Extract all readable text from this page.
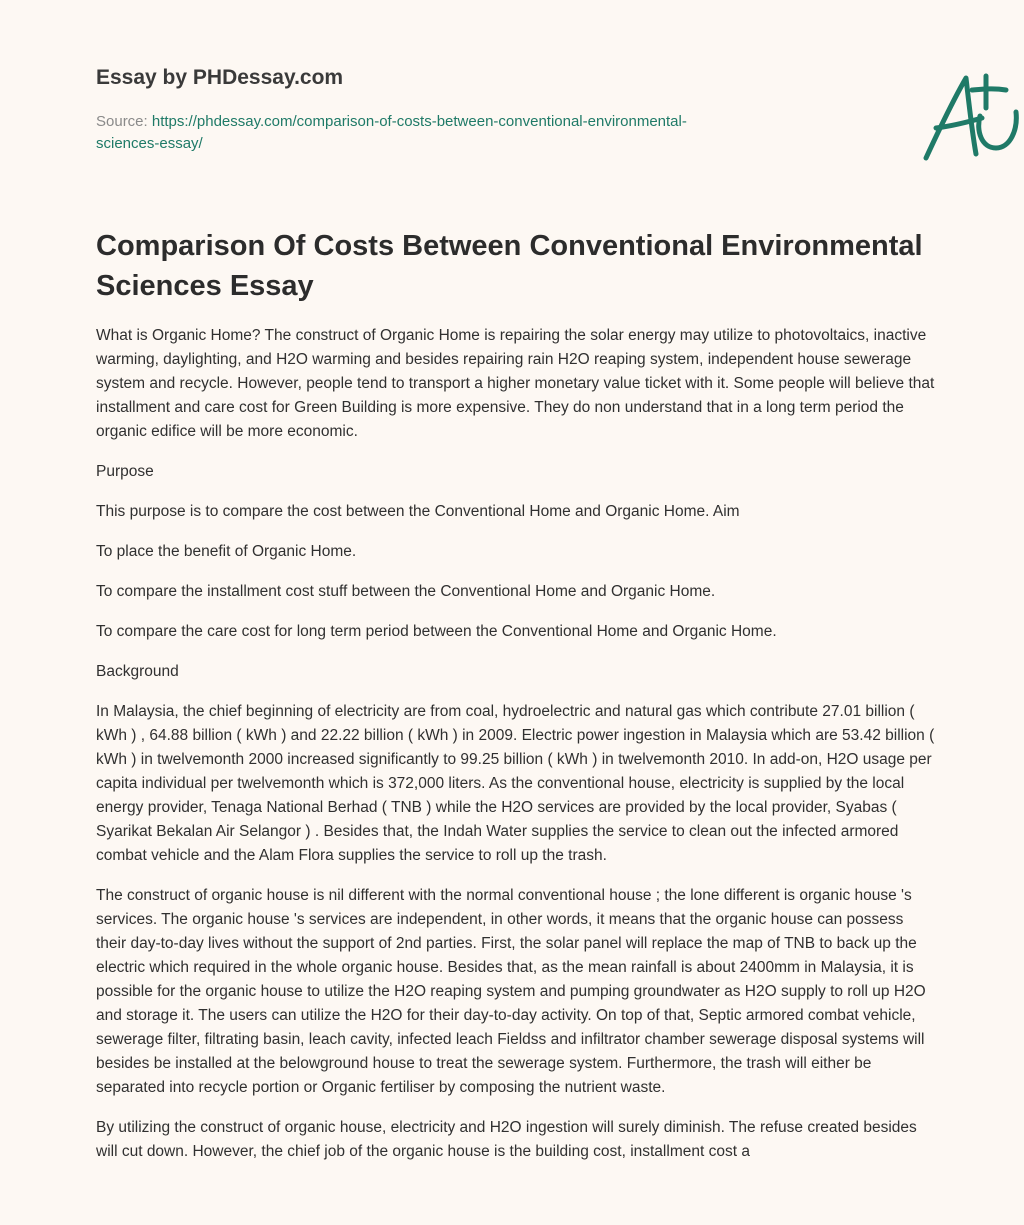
Essay by PHDessay.com

Source: https://phdessay.com/comparison-of-costs-between-conventional-environmental-sciences-essay/

Comparison Of Costs Between Conventional Environmental Sciences Essay

What is Organic Home? The construct of Organic Home is repairing the solar energy may utilize to photovoltaics, inactive warming, daylighting, and H2O warming and besides repairing rain H2O reaping system, independent house sewerage system and recycle. However, people tend to transport a higher monetary value ticket with it. Some people will believe that installment and care cost for Green Building is more expensive. They do non understand that in a long term period the organic edifice will be more economic.

Purpose

This purpose is to compare the cost between the Conventional Home and Organic Home. Aim

To place the benefit of Organic Home.

To compare the installment cost stuff between the Conventional Home and Organic Home.

To compare the care cost for long term period between the Conventional Home and Organic Home.

Background

In Malaysia, the chief beginning of electricity are from coal, hydroelectric and natural gas which contribute 27.01 billion ( kWh ) , 64.88 billion ( kWh ) and 22.22 billion ( kWh ) in 2009. Electric power ingestion in Malaysia which are 53.42 billion ( kWh ) in twelvemonth 2000 increased significantly to 99.25 billion ( kWh ) in twelvemonth 2010. In add-on, H2O usage per capita individual per twelvemonth which is 372,000 liters. As the conventional house, electricity is supplied by the local energy provider, Tenaga National Berhad ( TNB ) while the H2O services are provided by the local provider, Syabas ( Syarikat Bekalan Air Selangor ) . Besides that, the Indah Water supplies the service to clean out the infected armored combat vehicle and the Alam Flora supplies the service to roll up the trash.

The construct of organic house is nil different with the normal conventional house ; the lone different is organic house 's services. The organic house 's services are independent, in other words, it means that the organic house can possess their day-to-day lives without the support of 2nd parties. First, the solar panel will replace the map of TNB to back up the electric which required in the whole organic house. Besides that, as the mean rainfall is about 2400mm in Malaysia, it is possible for the organic house to utilize the H2O reaping system and pumping groundwater as H2O supply to roll up H2O and storage it. The users can utilize the H2O for their day-to-day activity. On top of that, Septic armored combat vehicle, sewerage filter, filtrating basin, leach cavity, infected leach Fieldss and infiltrator chamber sewerage disposal systems will besides be installed at the belowground house to treat the sewerage system. Furthermore, the trash will either be separated into recycle portion or Organic fertiliser by composing the nutrient waste.

By utilizing the construct of organic house, electricity and H2O ingestion will surely diminish. The refuse created besides will cut down. However, the chief job of the organic house is the building cost, installment cost a
